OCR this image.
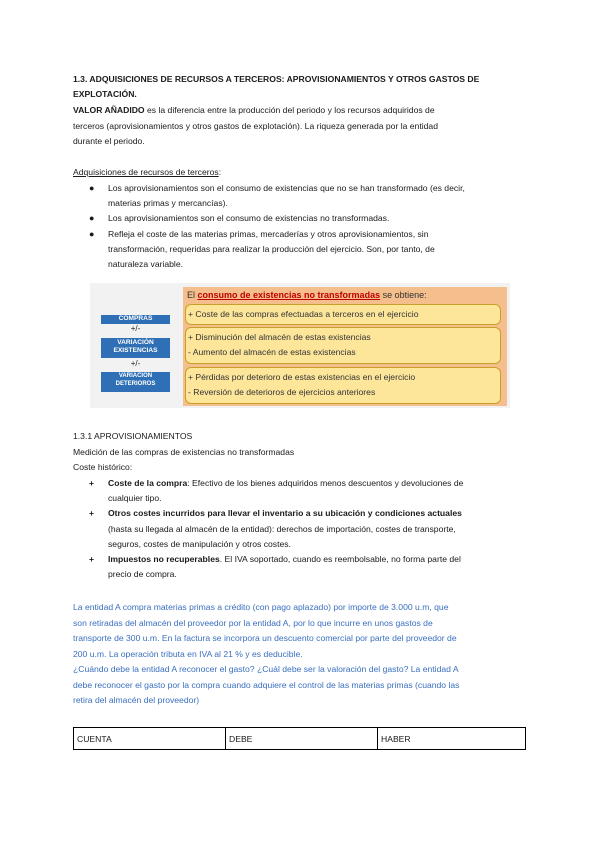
1.3. ADQUISICIONES DE RECURSOS A TERCEROS: APROVISIONAMIENTOS Y OTROS GASTOS DE
EXPLOTACIÓN.
VALOR AÑADIDO es la diferencia entre la producción del periodo y los recursos adquiridos de
terceros (aprovisionamientos y otros gastos de explotación). La riqueza generada por la entidad
durante el periodo.
Adquisiciones de recursos de terceros:
● Los aprovisionamientos son el consumo de existencias que no se han transformado (es decir,
materias primas y mercancías).
● Los aprovisionamientos son el consumo de existencias no transformadas.
● Refleja el coste de las materias primas, mercaderías y otros aprovisionamientos, sin
transformación, requeridas para realizar la producción del ejercicio. Son, por tanto, de
naturaleza variable.
COMPRAS
+/-
VARIACIÓN
EXISTENCIAS
+/-
VARIACIÓN
DETERIOROS
El consumo de existencias no transformadas se obtiene:
+ Coste de las compras efectuadas a terceros en el ejercicio
+ Disminución del almacén de estas existencias
- Aumento del almacén de estas existencias
+ Pérdidas por deterioro de estas existencias en el ejercicio
- Reversión de deterioros de ejercicios anteriores
1.3.1 APROVISIONAMIENTOS
Medición de las compras de existencias no transformadas
Coste histórico:
+ Coste de la compra: Efectivo de los bienes adquiridos menos descuentos y devoluciones de
cualquier tipo.
+ Otros costes incurridos para llevar el inventario a su ubicación y condiciones actuales
(hasta su llegada al almacén de la entidad): derechos de importación, costes de transporte,
seguros, costes de manipulación y otros costes.
+ Impuestos no recuperables. El IVA soportado, cuando es reembolsable, no forma parte del
precio de compra.
La entidad A compra materias primas a crédito (con pago aplazado) por importe de 3.000 u.m, que
son retiradas del almacén del proveedor por la entidad A, por lo que incurre en unos gastos de
transporte de 300 u.m. En la factura se incorpora un descuento comercial por parte del proveedor de
200 u.m. La operación tributa en IVA al 21 % y es deducible.
¿Cuándo debe la entidad A reconocer el gasto? ¿Cuál debe ser la valoración del gasto? La entidad A
debe reconocer el gasto por la compra cuando adquiere el control de las materias primas (cuando las
retira del almacén del proveedor)
CUENTA	DEBE	HABER
